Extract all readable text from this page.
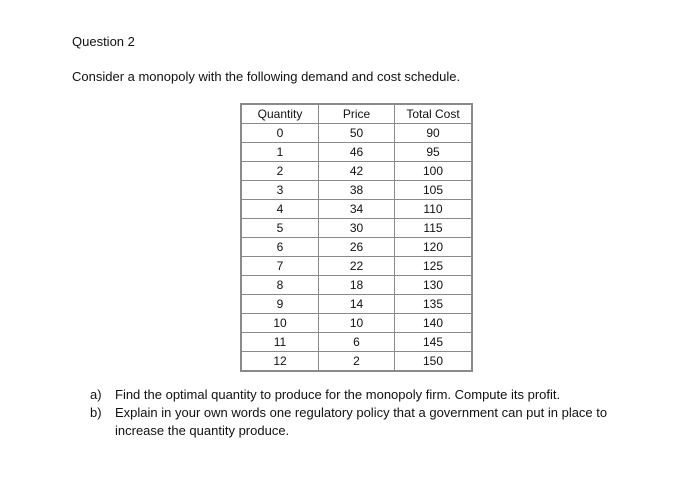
Question 2
Consider a monopoly with the following demand and cost schedule.
Quantity	Price	Total Cost
0	50	90
1	46	95
2	42	100
3	38	105
4	34	110
5	30	115
6	26	120
7	22	125
8	18	130
9	14	135
10	10	140
11	6	145
12	2	150
a) Find the optimal quantity to produce for the monopoly firm. Compute its profit.
b) Explain in your own words one regulatory policy that a government can put in place to increase the quantity produce.
